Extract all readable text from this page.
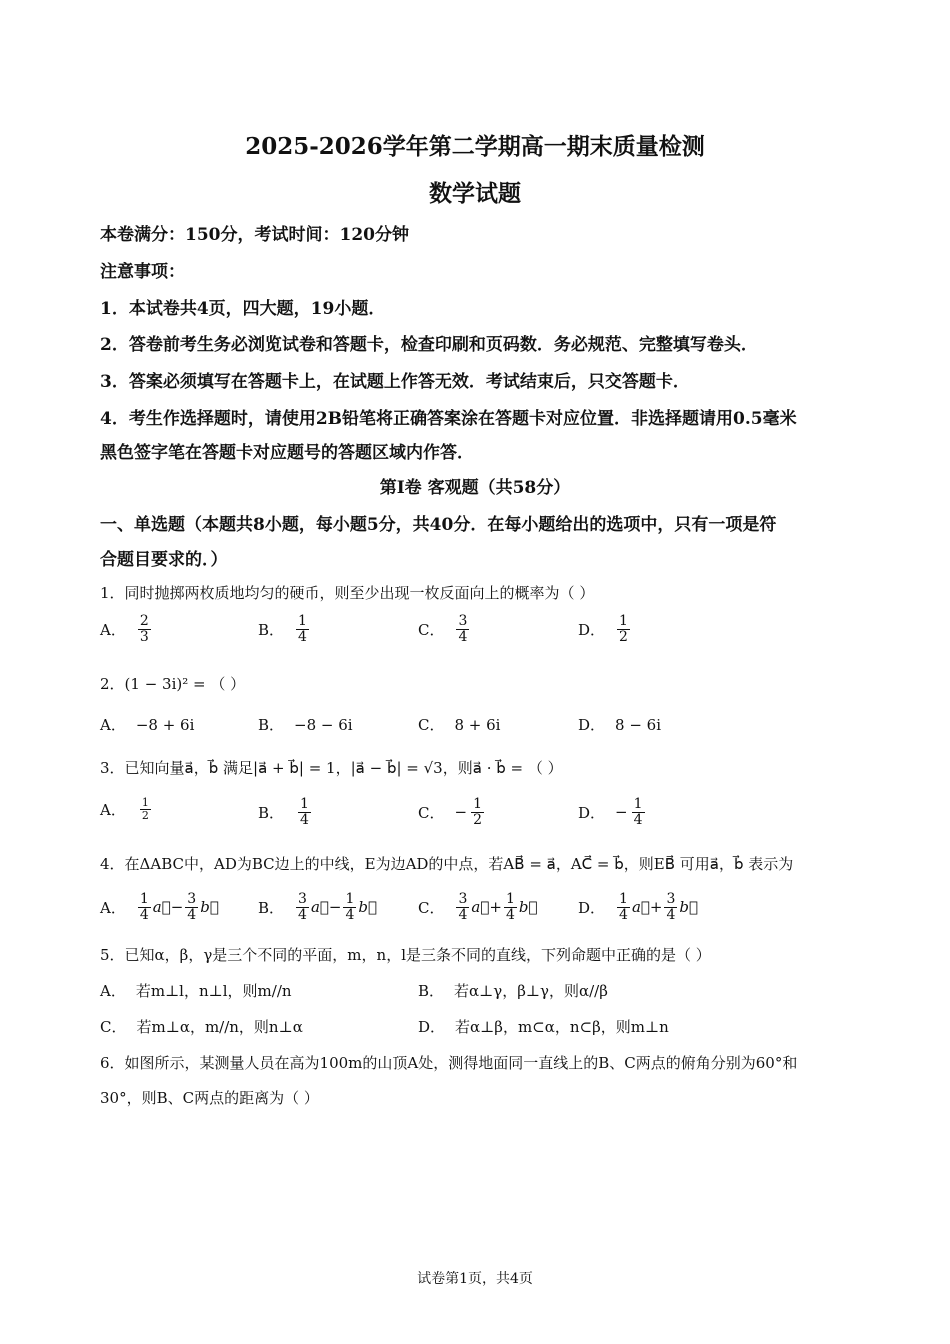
2025-2026学年第二学期高一期末质量检测
数学试题
本卷满分：150分，考试时间：120分钟
注意事项：
1．本试卷共4页，四大题，19小题．
2．答卷前考生务必浏览试卷和答题卡，检查印刷和页码数．务必规范、完整填写卷头．
3．答案必须填写在答题卡上，在试题上作答无效．考试结束后，只交答题卡．
4．考生作选择题时，请使用2B铅笔将正确答案涂在答题卡对应位置．非选择题请用0.5毫米
黑色签字笔在答题卡对应题号的答题区域内作答．
第I卷 客观题（共58分）
一、单选题（本题共8小题，每小题5分，共40分．在每小题给出的选项中，只有一项是符
合题目要求的．）
1．同时抛掷两枚质地均匀的硬币，则至少出现一枚反面向上的概率为（ ）
A． $\frac{2}{3}$	B． $\frac{1}{4}$	C． $\frac{3}{4}$	D． $\frac{1}{2}$
2．(1 − 3i)² = （ ）
A． −8 + 6i	B． −8 − 6i	C． 8 + 6i	D． 8 − 6i
3．已知向量a⃗，b⃗ 满足|a⃗ + b⃗| = 1，|a⃗ − b⃗| = √3，则a⃗ · b⃗ = （ ）
A． $\frac{1}{2}$	B． $\frac{1}{4}$	C． − $\frac{1}{2}$	D． − $\frac{1}{4}$
4．在ΔABC中，AD为BC边上的中线，E为边AD的中点，若AB⃗ = a⃗，AC⃗ = b⃗，则EB⃗ 可用a⃗，b⃗ 表示为
A． $\frac{1}{4}$ a⃗ − $\frac{3}{4}$ b⃗	B． $\frac{3}{4}$ a⃗ − $\frac{1}{4}$ b⃗	C． $\frac{3}{4}$ a⃗ + $\frac{1}{4}$ b⃗	D． $\frac{1}{4}$ a⃗ + $\frac{3}{4}$ b⃗
5．已知α，β，γ是三个不同的平面，m，n，l是三条不同的直线，下列命题中正确的是（ ）
A． 若m⊥l，n⊥l，则m//n	B． 若α⊥γ，β⊥γ，则α//β
C． 若m⊥α，m//n，则n⊥α	D． 若α⊥β，m⊂α，n⊂β，则m⊥n
6．如图所示，某测量人员在高为100m的山顶A处，测得地面同一直线上的B、C两点的俯角分别为60°和
30°，则B、C两点的距离为（ ）
试卷第1页，共4页
